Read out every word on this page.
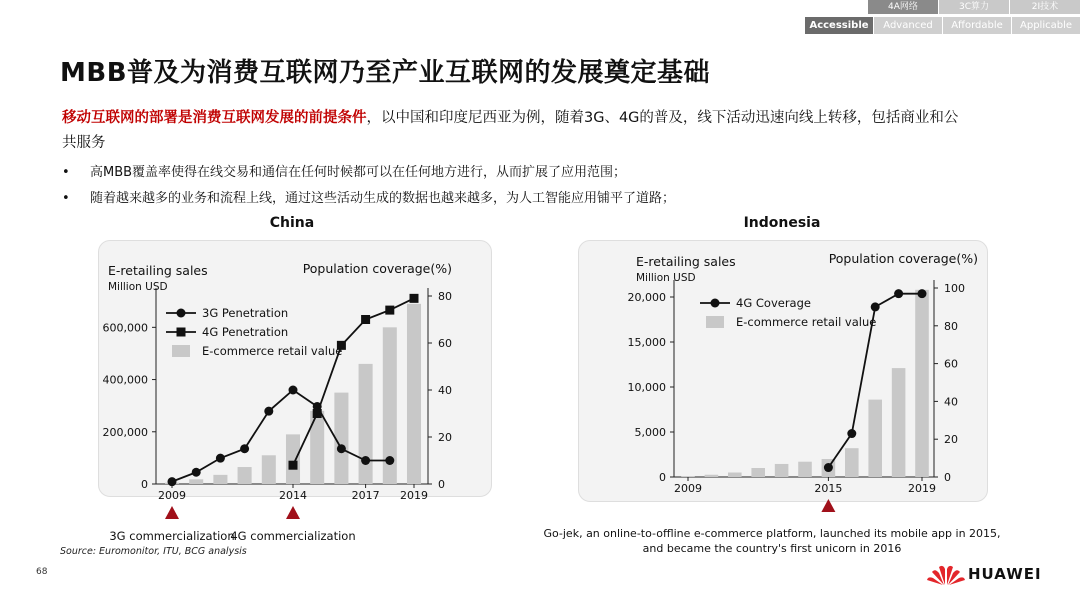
4A网络	3C算力	2I技术
Accessible	Advanced	Affordable	Applicable
MBB普及为消费互联网乃至产业互联网的发展奠定基础
移动互联网的部署是消费互联网发展的前提条件，以中国和印度尼西亚为例，随着3G、4G的普及，线下活动迅速向线上转移，包括商业和公共服务
• 高MBB覆盖率使得在线交易和通信在任何时候都可以在任何地方进行，从而扩展了应用范围；
• 随着越来越多的业务和流程上线，通过这些活动生成的数据也越来越多，为人工智能应用铺平了道路；
China	Indonesia
0
200,000
400,000
600,000
0
20
40
60
80
2009	2014	2017 2019
E-retailing sales
Million USD
Population coverage(%)
3G Penetration
4G Penetration
E-commerce retail value
3G commercialization
4G commercialization
0
5,000
10,000
15,000
20,000
0
20
40
60
80
100
2009	2015	2019
E-retailing sales
Million USD
Population coverage(%)
4G Coverage
E-commerce retail value
Go-jek, an online-to-offline e-commerce platform, launched its mobile app in 2015,
and became the country's first unicorn in 2016
Source: Euromonitor, ITU, BCG analysis
68	HUAWEI
